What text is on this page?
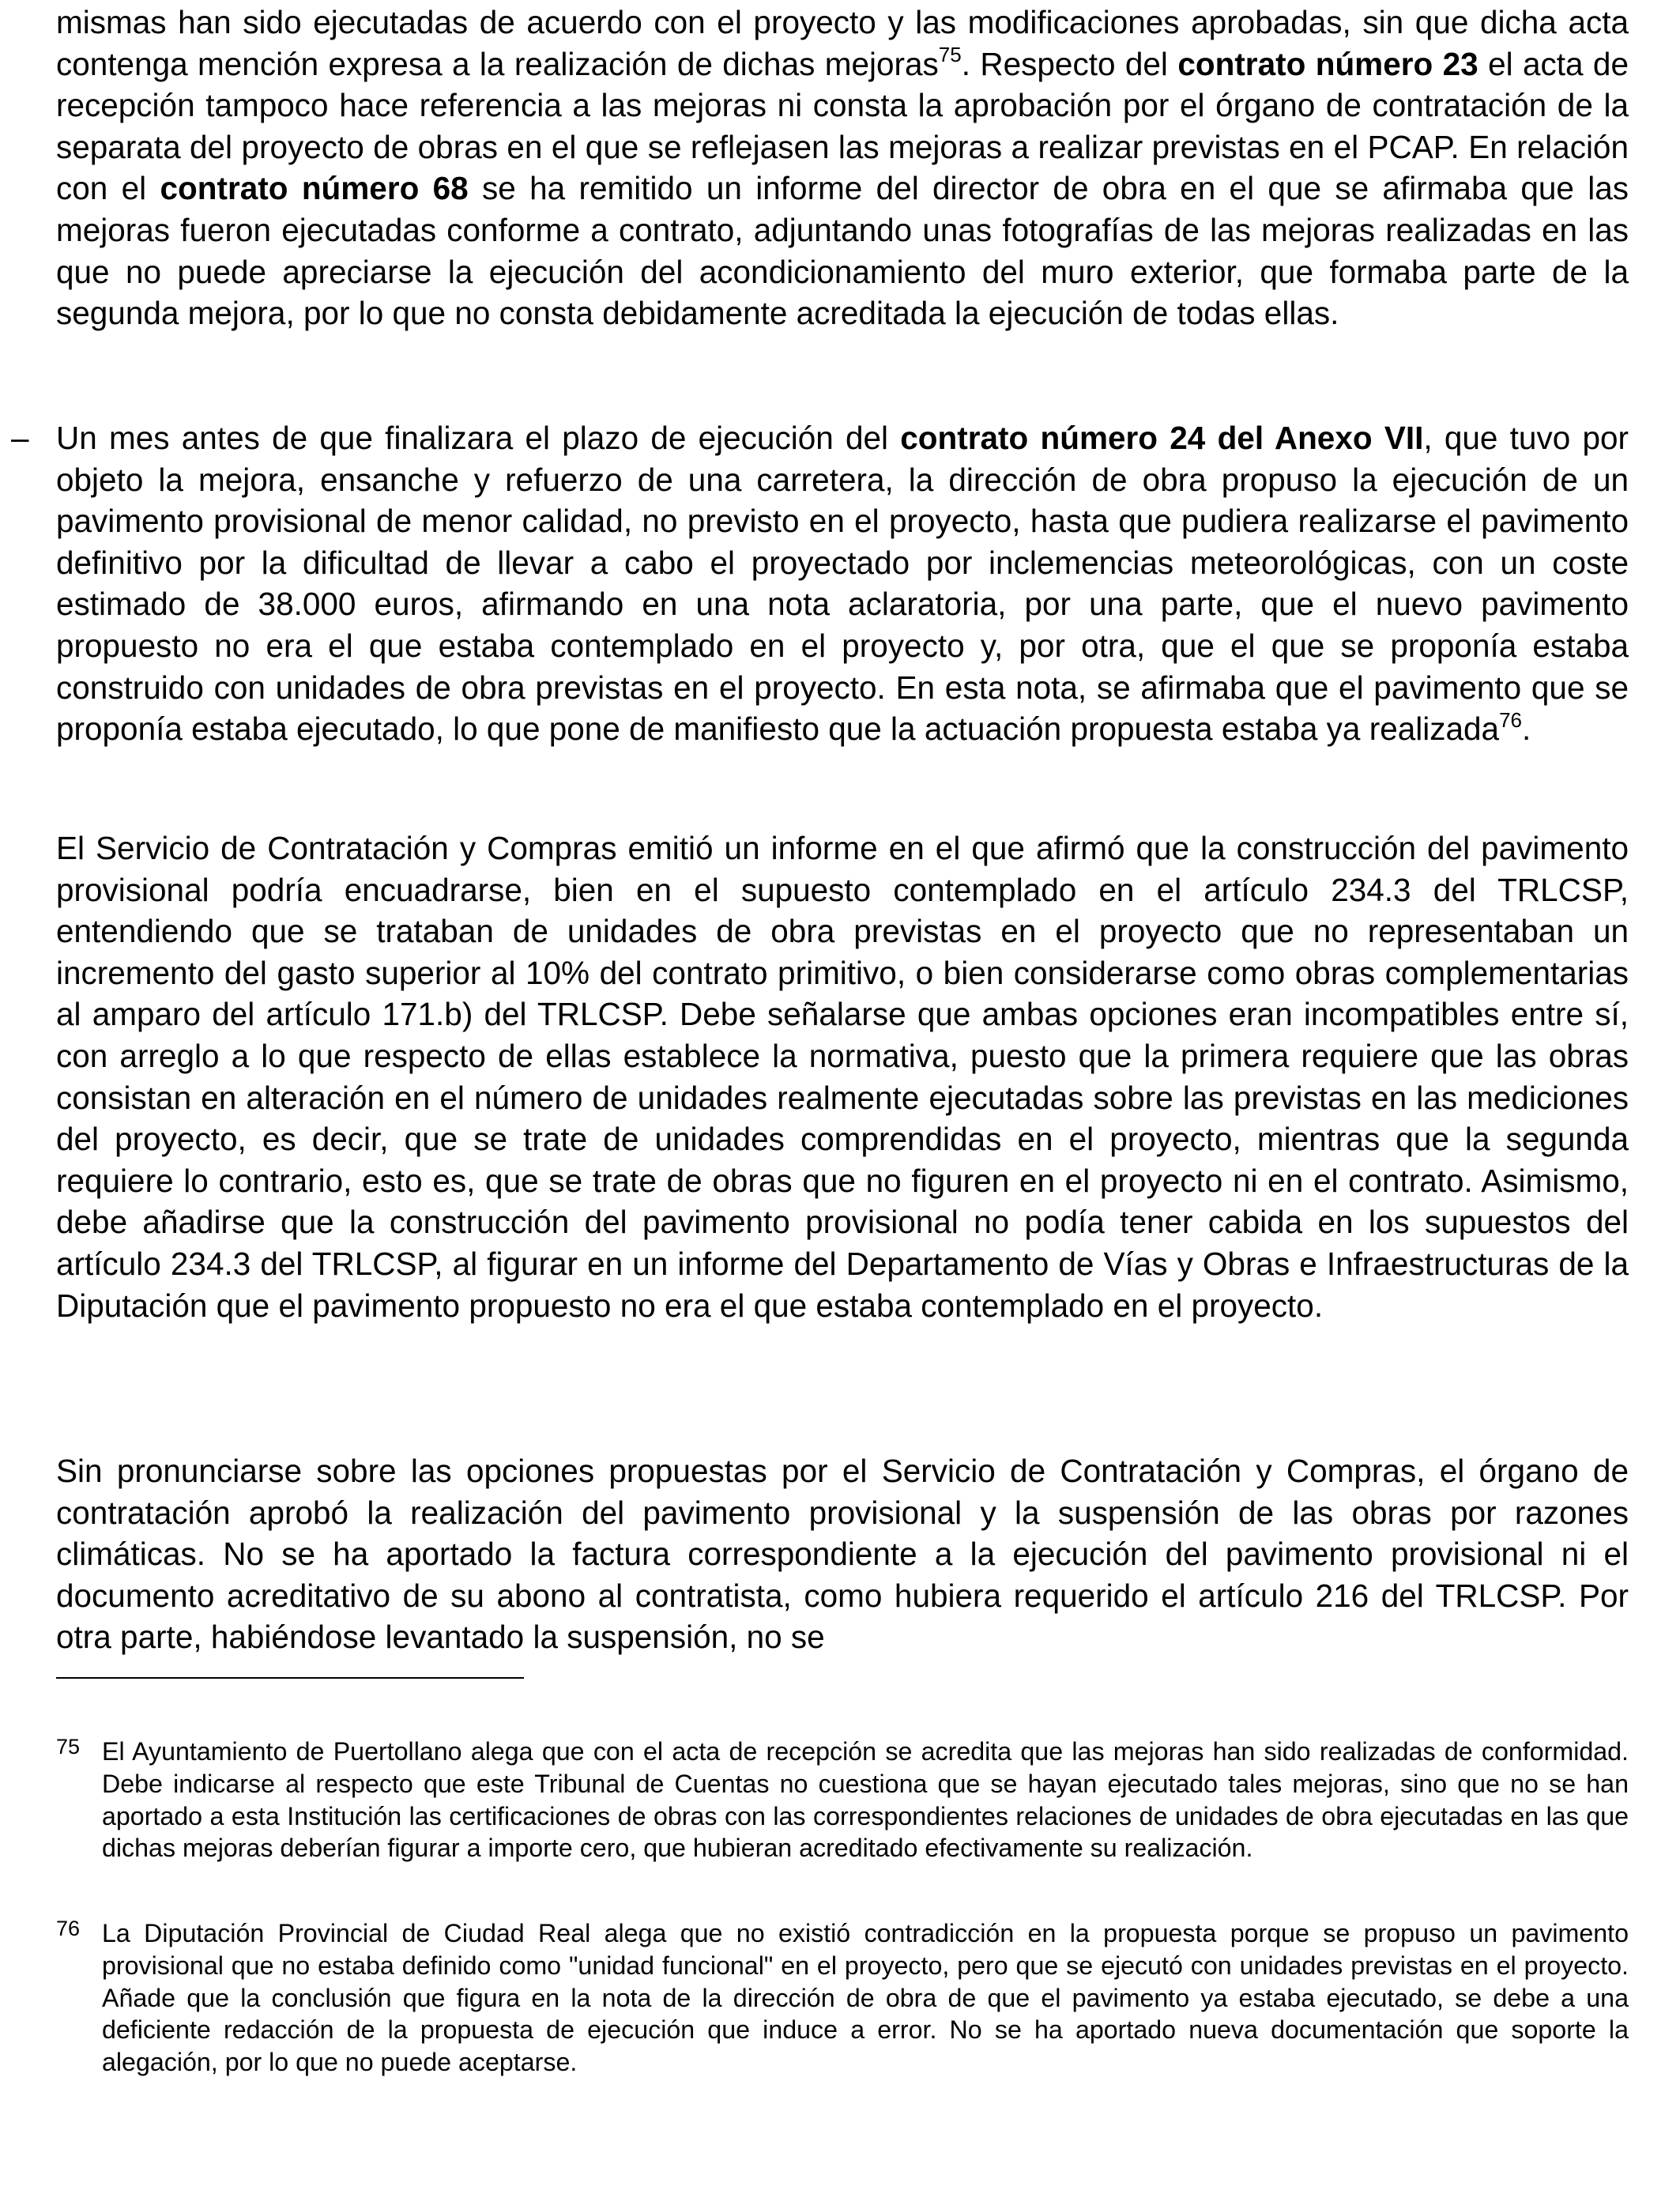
mismas han sido ejecutadas de acuerdo con el proyecto y las modificaciones aprobadas, sin que dicha acta contenga mención expresa a la realización de dichas mejoras$^{75}$. Respecto del contrato número 23 el acta de recepción tampoco hace referencia a las mejoras ni consta la aprobación por el órgano de contratación de la separata del proyecto de obras en el que se reflejasen las mejoras a realizar previstas en el PCAP. En relación con el contrato número 68 se ha remitido un informe del director de obra en el que se afirmaba que las mejoras fueron ejecutadas conforme a contrato, adjuntando unas fotografías de las mejoras realizadas en las que no puede apreciarse la ejecución del acondicionamiento del muro exterior, que formaba parte de la segunda mejora, por lo que no consta debidamente acreditada la ejecución de todas ellas.

– Un mes antes de que finalizara el plazo de ejecución del contrato número 24 del Anexo VII, que tuvo por objeto la mejora, ensanche y refuerzo de una carretera, la dirección de obra propuso la ejecución de un pavimento provisional de menor calidad, no previsto en el proyecto, hasta que pudiera realizarse el pavimento definitivo por la dificultad de llevar a cabo el proyectado por inclemencias meteorológicas, con un coste estimado de 38.000 euros, afirmando en una nota aclaratoria, por una parte, que el nuevo pavimento propuesto no era el que estaba contemplado en el proyecto y, por otra, que el que se proponía estaba construido con unidades de obra previstas en el proyecto. En esta nota, se afirmaba que el pavimento que se proponía estaba ejecutado, lo que pone de manifiesto que la actuación propuesta estaba ya realizada$^{76}$.

El Servicio de Contratación y Compras emitió un informe en el que afirmó que la construcción del pavimento provisional podría encuadrarse, bien en el supuesto contemplado en el artículo 234.3 del TRLCSP, entendiendo que se trataban de unidades de obra previstas en el proyecto que no representaban un incremento del gasto superior al 10% del contrato primitivo, o bien considerarse como obras complementarias al amparo del artículo 171.b) del TRLCSP. Debe señalarse que ambas opciones eran incompatibles entre sí, con arreglo a lo que respecto de ellas establece la normativa, puesto que la primera requiere que las obras consistan en alteración en el número de unidades realmente ejecutadas sobre las previstas en las mediciones del proyecto, es decir, que se trate de unidades comprendidas en el proyecto, mientras que la segunda requiere lo contrario, esto es, que se trate de obras que no figuren en el proyecto ni en el contrato. Asimismo, debe añadirse que la construcción del pavimento provisional no podía tener cabida en los supuestos del artículo 234.3 del TRLCSP, al figurar en un informe del Departamento de Vías y Obras e Infraestructuras de la Diputación que el pavimento propuesto no era el que estaba contemplado en el proyecto.

Sin pronunciarse sobre las opciones propuestas por el Servicio de Contratación y Compras, el órgano de contratación aprobó la realización del pavimento provisional y la suspensión de las obras por razones climáticas. No se ha aportado la factura correspondiente a la ejecución del pavimento provisional ni el documento acreditativo de su abono al contratista, como hubiera requerido el artículo 216 del TRLCSP. Por otra parte, habiéndose levantado la suspensión, no se

75 El Ayuntamiento de Puertollano alega que con el acta de recepción se acredita que las mejoras han sido realizadas de conformidad. Debe indicarse al respecto que este Tribunal de Cuentas no cuestiona que se hayan ejecutado tales mejoras, sino que no se han aportado a esta Institución las certificaciones de obras con las correspondientes relaciones de unidades de obra ejecutadas en las que dichas mejoras deberían figurar a importe cero, que hubieran acreditado efectivamente su realización.
76 La Diputación Provincial de Ciudad Real alega que no existió contradicción en la propuesta porque se propuso un pavimento provisional que no estaba definido como "unidad funcional" en el proyecto, pero que se ejecutó con unidades previstas en el proyecto. Añade que la conclusión que figura en la nota de la dirección de obra de que el pavimento ya estaba ejecutado, se debe a una deficiente redacción de la propuesta de ejecución que induce a error. No se ha aportado nueva documentación que soporte la alegación, por lo que no puede aceptarse.
